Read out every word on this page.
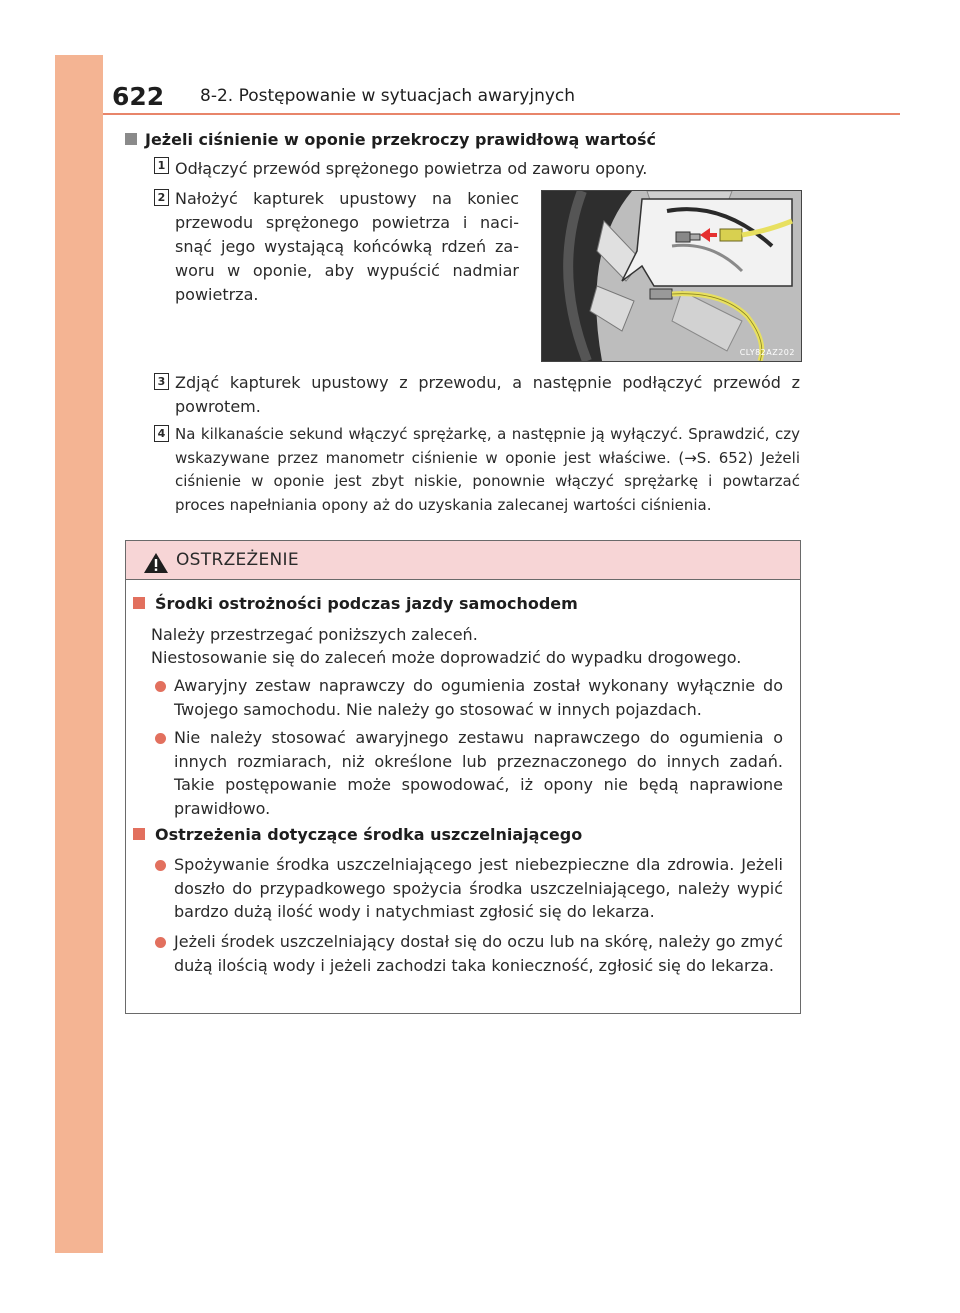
622 8-2. Postępowanie w sytuacjach awaryjnych
Jeżeli ciśnienie w oponie przekroczy prawidłową wartość
1 Odłączyć przewód sprężonego powietrza od zaworu opony.
2 Nałożyć kapturek upustowy na koniec przewodu sprężonego powietrza i nacisnąć jego wystającą końcówką rdzeń zaworu w oponie, aby wypuścić nadmiar powietrza.
CLY82AZ202
3 Zdjąć kapturek upustowy z przewodu, a następnie podłączyć przewód z powrotem.
4 Na kilkanaście sekund włączyć sprężarkę, a następnie ją wyłączyć. Sprawdzić, czy wskazywane przez manometr ciśnienie w oponie jest właściwe. (→S. 652) Jeżeli ciśnienie w oponie jest zbyt niskie, ponownie włączyć sprężarkę i powtarzać proces napełniania opony aż do uzyskania zalecanej wartości ciśnienia.
OSTRZEŻENIE
Środki ostrożności podczas jazdy samochodem
Należy przestrzegać poniższych zaleceń.
Niestosowanie się do zaleceń może doprowadzić do wypadku drogowego.
Awaryjny zestaw naprawczy do ogumienia został wykonany wyłącznie do Twojego samochodu. Nie należy go stosować w innych pojazdach.
Nie należy stosować awaryjnego zestawu naprawczego do ogumienia o innych rozmiarach, niż określone lub przeznaczonego do innych zadań. Takie postępowanie może spowodować, iż opony nie będą naprawione prawidłowo.
Ostrzeżenia dotyczące środka uszczelniającego
Spożywanie środka uszczelniającego jest niebezpieczne dla zdrowia. Jeżeli doszło do przypadkowego spożycia środka uszczelniającego, należy wypić bardzo dużą ilość wody i natychmiast zgłosić się do lekarza.
Jeżeli środek uszczelniający dostał się do oczu lub na skórę, należy go zmyć dużą ilością wody i jeżeli zachodzi taka konieczność, zgłosić się do lekarza.
